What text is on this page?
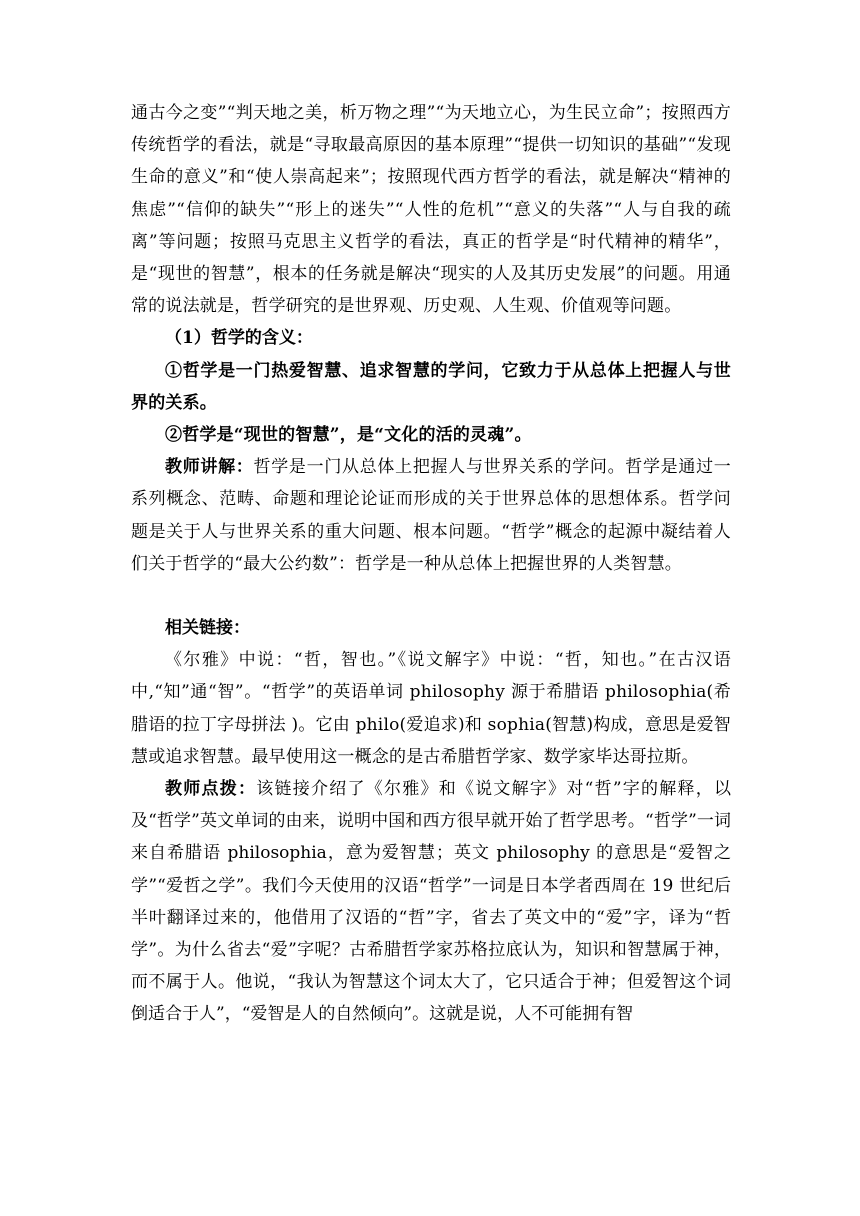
通古今之变”“判天地之美，析万物之理”“为天地立心，为生民立命”；按照西方传统哲学的看法，就是“寻取最高原因的基本原理”“提供一切知识的基础”“发现生命的意义”和“使人崇高起来”；按照现代西方哲学的看法，就是解决“精神的焦虑”“信仰的缺失”“形上的迷失”“人性的危机”“意义的失落”“人与自我的疏离”等问题；按照马克思主义哲学的看法，真正的哲学是“时代精神的精华”，是“现世的智慧”，根本的任务就是解决“现实的人及其历史发展”的问题。用通常的说法就是，哲学研究的是世界观、历史观、人生观、价值观等问题。

（1）哲学的含义：

①哲学是一门热爱智慧、追求智慧的学问，它致力于从总体上把握人与世界的关系。

②哲学是“现世的智慧”，是“文化的活的灵魂”。

教师讲解：哲学是一门从总体上把握人与世界关系的学问。哲学是通过一系列概念、范畴、命题和理论论证而形成的关于世界总体的思想体系。哲学问题是关于人与世界关系的重大问题、根本问题。“哲学”概念的起源中凝结着人们关于哲学的“最大公约数”：哲学是一种从总体上把握世界的人类智慧。

相关链接：

《尔雅》中说：“哲，智也。”《说文解字》中说：“哲，知也。”在古汉语中,“知”通“智”。“哲学”的英语单词 philosophy 源于希腊语 philosophia(希腊语的拉丁字母拼法 )。它由 philo(爱追求)和 sophia(智慧)构成，意思是爱智慧或追求智慧。最早使用这一概念的是古希腊哲学家、数学家毕达哥拉斯。

教师点拨：该链接介绍了《尔雅》和《说文解字》对“哲”字的解释，以及“哲学”英文单词的由来，说明中国和西方很早就开始了哲学思考。“哲学”一词来自希腊语 philosophia，意为爱智慧；英文 philosophy 的意思是“爱智之学”“爱哲之学”。我们今天使用的汉语“哲学”一词是日本学者西周在 19 世纪后半叶翻译过来的，他借用了汉语的“哲”字，省去了英文中的“爱”字，译为“哲学”。为什么省去“爱”字呢？古希腊哲学家苏格拉底认为，知识和智慧属于神，而不属于人。他说，“我认为智慧这个词太大了，它只适合于神；但爱智这个词倒适合于人”，“爱智是人的自然倾向”。这就是说，人不可能拥有智
